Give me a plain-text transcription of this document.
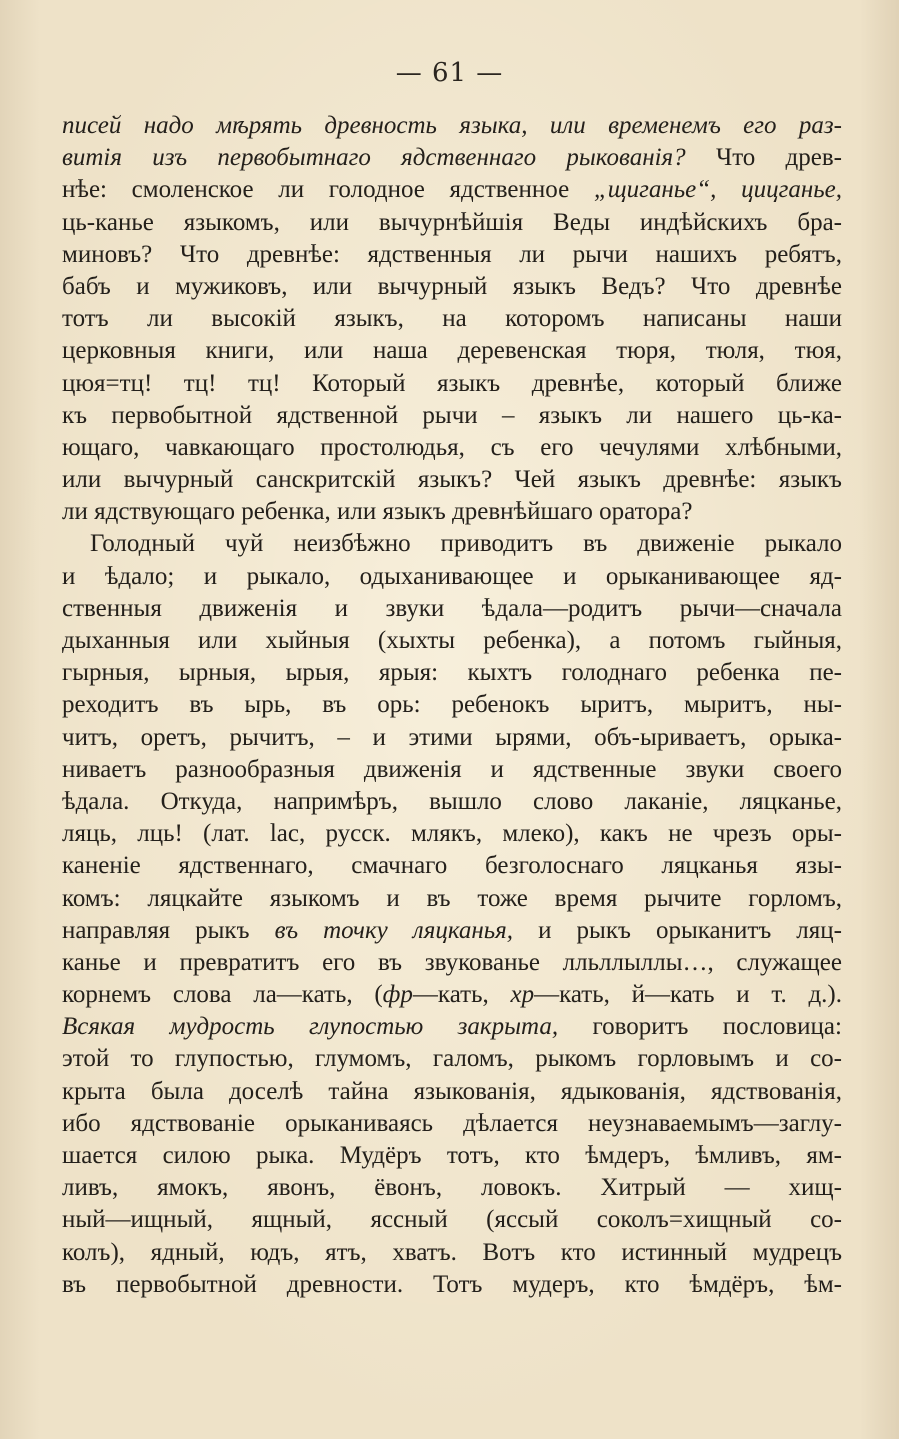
— 61 —
писей надо мѣрять древность языка, или временемъ его раз-
витія изъ первобытнаго ядственнаго рыкованія? Что древ-
нѣе: смоленское ли голодное ядственное „щиганье“, цицганье,
ць-канье языкомъ, или вычурнѣйшія Веды индѣйскихъ бра-
миновъ? Что древнѣе: ядственныя ли рычи нашихъ ребятъ,
бабъ и мужиковъ, или вычурный языкъ Ведъ? Что древнѣе
тотъ ли высокій языкъ, на которомъ написаны наши
церковныя книги, или наша деревенская тюря, тюля, тюя,
цюя=тц! тц! тц! Который языкъ древнѣе, который ближе
къ первобытной ядственной рычи – языкъ ли нашего ць-ка-
ющаго, чавкающаго простолюдья, съ его чечулями хлѣбными,
или вычурный санскритскій языкъ? Чей языкъ древнѣе: языкъ
ли ядствующаго ребенка, или языкъ древнѣйшаго оратора?
Голодный чуй неизбѣжно приводитъ въ движеніе рыкало
и ѣдало; и рыкало, одыханивающее и орыканивающее яд-
ственныя движенія и звуки ѣдала—родитъ рычи—сначала
дыханныя или хыйныя (хыхты ребенка), а потомъ гыйныя,
гырныя, ырныя, ырыя, ярыя: кыхтъ голоднаго ребенка пе-
реходитъ въ ырь, въ орь: ребенокъ ыритъ, мыритъ, ны-
читъ, оретъ, рычитъ, – и этими ырями, объ-ыриваетъ, орыка-
ниваетъ разнообразныя движенія и ядственные звуки своего
ѣдала. Откуда, напримѣръ, вышло слово лаканіе, ляцканье,
ляць, лць! (лат. lac, русск. млякъ, млеко), какъ не чрезъ оры-
каненіе ядственнаго, смачнаго безголоснаго ляцканья язы-
комъ: ляцкайте языкомъ и въ тоже время рычите горломъ,
направляя рыкъ въ точку ляцканья, и рыкъ орыканитъ ляц-
канье и превратитъ его въ звукованье лльллыллы…, служащее
корнемъ слова ла—кать, (фр—кать, хр—кать, й—кать и т. д.).
Всякая мудрость глупостью закрыта, говоритъ пословица:
этой то глупостью, глумомъ, галомъ, рыкомъ горловымъ и со-
крыта была доселѣ тайна языкованія, ядыкованія, ядствованія,
ибо ядствованіе орыканиваясь дѣлается неузнаваемымъ—заглу-
шается силою рыка. Мудёръ тотъ, кто ѣмдеръ, ѣмливъ, ям-
ливъ, ямокъ, явонъ, ёвонъ, ловокъ. Хитрый — хищ-
ный—ищный, ящный, яссный (яссый соколъ=хищный со-
колъ), ядный, юдъ, ятъ, хватъ. Вотъ кто истинный мудрецъ
въ первобытной древности. Тотъ мудеръ, кто ѣмдёръ, ѣм-
